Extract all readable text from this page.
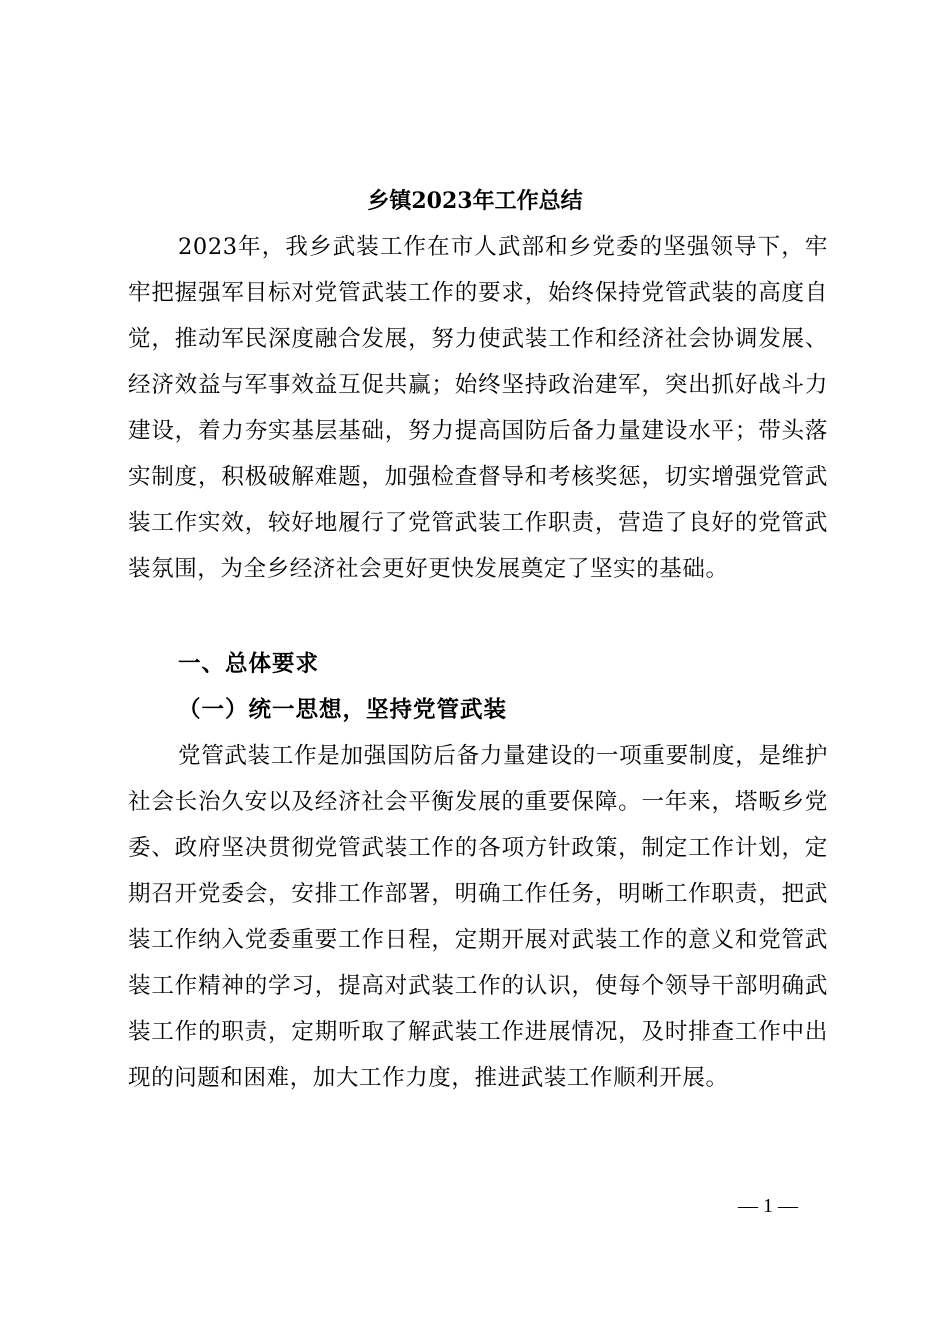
乡镇2023年工作总结
2023年，我乡武装工作在市人武部和乡党委的坚强领导下，牢牢把握强军目标对党管武装工作的要求，始终保持党管武装的高度自觉，推动军民深度融合发展，努力使武装工作和经济社会协调发展、经济效益与军事效益互促共赢；始终坚持政治建军，突出抓好战斗力建设，着力夯实基层基础，努力提高国防后备力量建设水平；带头落实制度，积极破解难题，加强检查督导和考核奖惩，切实增强党管武装工作实效，较好地履行了党管武装工作职责，营造了良好的党管武装氛围，为全乡经济社会更好更快发展奠定了坚实的基础。
一、总体要求
（一）统一思想，坚持党管武装
党管武装工作是加强国防后备力量建设的一项重要制度，是维护社会长治久安以及经济社会平衡发展的重要保障。一年来，塔畈乡党委、政府坚决贯彻党管武装工作的各项方针政策，制定工作计划，定期召开党委会，安排工作部署，明确工作任务，明晰工作职责，把武装工作纳入党委重要工作日程，定期开展对武装工作的意义和党管武装工作精神的学习，提高对武装工作的认识，使每个领导干部明确武装工作的职责，定期听取了解武装工作进展情况，及时排查工作中出现的问题和困难，加大工作力度，推进武装工作顺利开展。
— 1 —
